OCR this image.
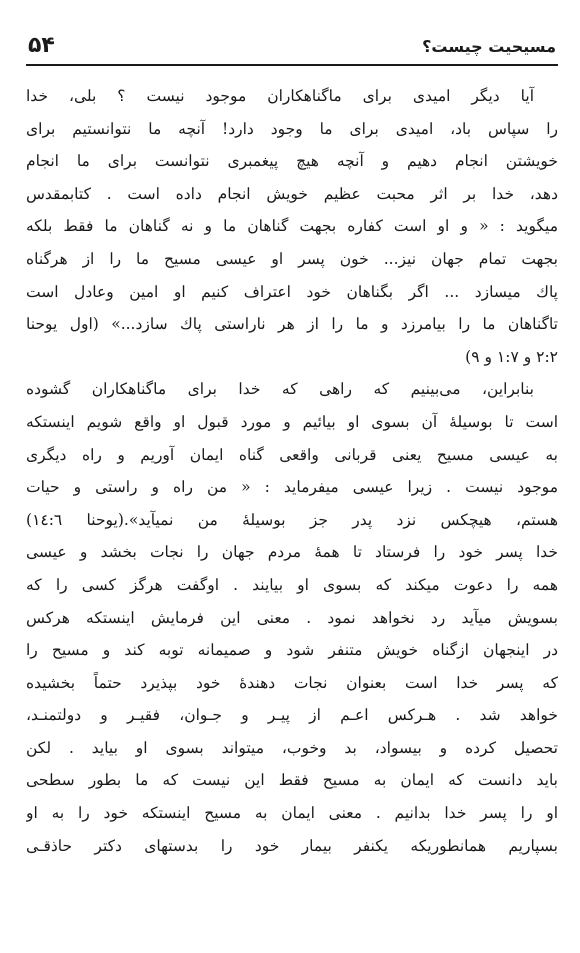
۵۴	مسیحیت چیست؟

آیا دیگر امیدی برای ماگناهکاران موجود نیست ؟ بلی، خدا
را سپاس باد، امیدی برای ما وجود دارد! آنچه ما نتوانستیم برای
خویشتن انجام دهیم و آنچه هیچ پیغمبری نتوانست برای ما انجام
دهد، خدا بر اثر محبت عظیم خویش انجام داده است . کتابمقدس
میگوید : « و او است کفاره بجهت گناهان ما و نه گناهان ما فقط بلکه
بجهت تمام جهان نیز... خون پسر او عیسی مسیح ما را از هرگناه
پاك میسازد ... اگر بگناهان خود اعتراف کنیم او امین وعادل است
تاگناهان ما را بیامرزد و ما را از هر ناراستی پاك سازد...» (اول یوحنا
۲:۲ و ۱:۷ و ۹)

بنابراین، می‌بینیم که راهی که خدا برای ماگناهکاران گشوده
است تا بوسیلهٔ آن بسوی او بیائیم و مورد قبول او واقع شویم اینستکه
به عیسی مسیح یعنی قربانی واقعی گناه ایمان آوریم و راه دیگری
موجود نیست . زیرا عیسی میفرماید : « من راه و راستی و حیات
هستم، هیچکس نزد پدر جز بوسیلهٔ من نمیآید».(یوحنا ۱٤:٦)
خدا پسر خود را فرستاد تا همهٔ مردم جهان را نجات بخشد و عیسی
همه را دعوت میکند که بسوی او بیایند . اوگفت هرگز کسی را که
بسویش میآید رد نخواهد نمود . معنی این فرمایش اینستکه هرکس
در اینجهان ازگناه خویش متنفر شود و صمیمانه توبه کند و مسیح را
که پسر خدا است بعنوان نجات دهندهٔ خود بپذیرد حتماً بخشیده
خواهد شد . هـرکس اعـم از پیـر و جـوان، فقیـر و دولتمنـد،
تحصیل کرده و بیسواد، بد وخوب، میتواند بسوی او بیاید . لکن
باید دانست که ایمان به مسیح فقط این نیست که ما بطور سطحی
او را پسر خدا بدانیم . معنی ایمان به مسیح اینستکه خود را به او
بسپاریم همانطوریکه یکنفر بیمار خود را بدستهای دکتر حاذقـی
